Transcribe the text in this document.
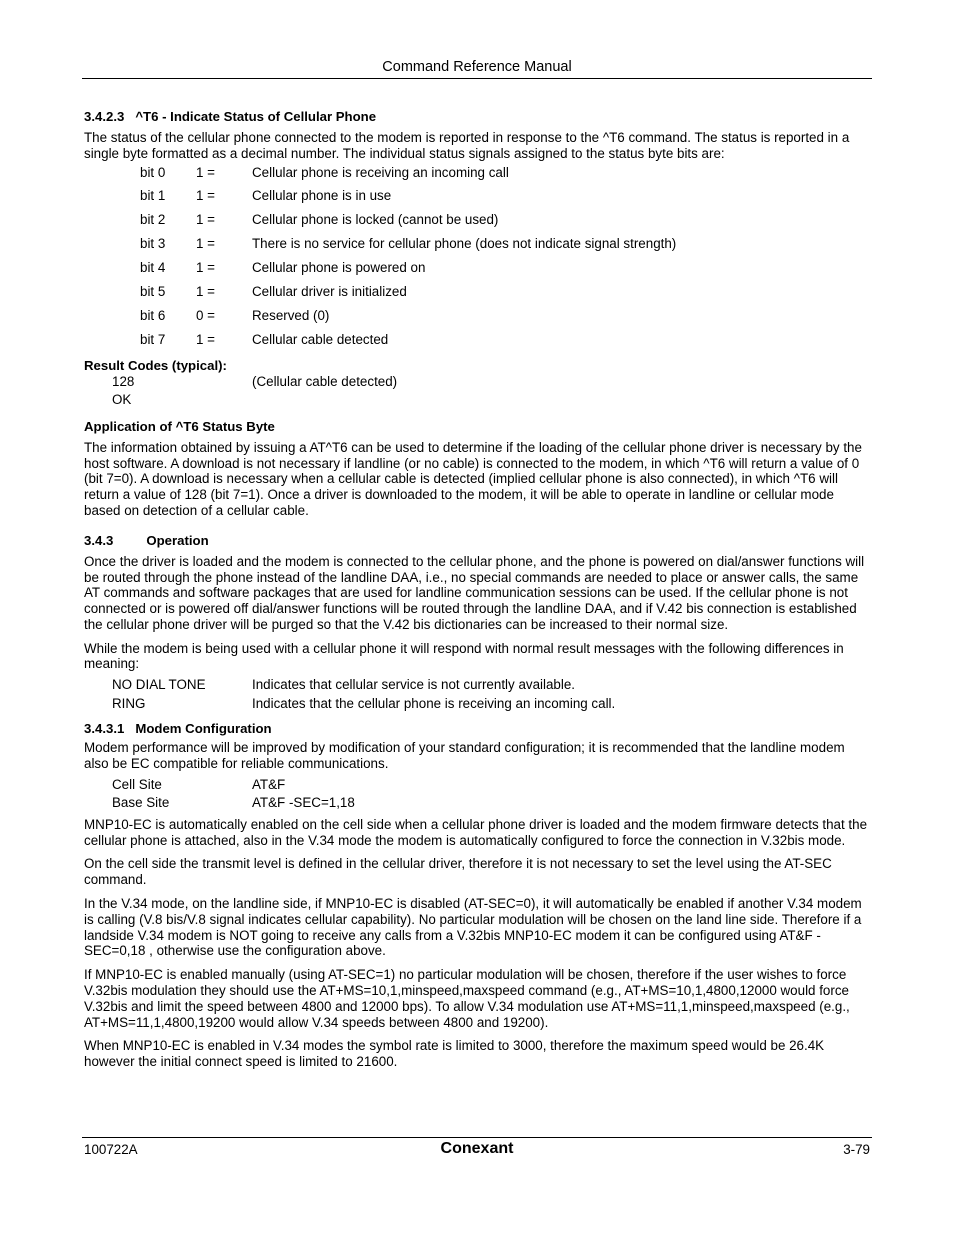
Command Reference Manual

3.4.2.3 ^T6 - Indicate Status of Cellular Phone

The status of the cellular phone connected to the modem is reported in response to the ^T6 command. The status is reported in a single byte formatted as a decimal number. The individual status signals assigned to the status byte bits are:

bit 0 1 =	Cellular phone is receiving an incoming call
bit 1 1 =	Cellular phone is in use
bit 2 1 =	Cellular phone is locked (cannot be used)
bit 3 1 =	There is no service for cellular phone (does not indicate signal strength)
bit 4 1 =	Cellular phone is powered on
bit 5 1 =	Cellular driver is initialized
bit 6 0 =	Reserved (0)
bit 7 1 =	Cellular cable detected

Result Codes (typical):

128	(Cellular cable detected)
OK

Application of ^T6 Status Byte

The information obtained by issuing a AT^T6 can be used to determine if the loading of the cellular phone driver is necessary by the host software. A download is not necessary if landline (or no cable) is connected to the modem, in which ^T6 will return a value of 0 (bit 7=0). A download is necessary when a cellular cable is detected (implied cellular phone is also connected), in which ^T6 will return a value of 128 (bit 7=1). Once a driver is downloaded to the modem, it will be able to operate in landline or cellular mode based on detection of a cellular cable.

3.4.3	Operation

Once the driver is loaded and the modem is connected to the cellular phone, and the phone is powered on dial/answer functions will be routed through the phone instead of the landline DAA, i.e., no special commands are needed to place or answer calls, the same AT commands and software packages that are used for landline communication sessions can be used. If the cellular phone is not connected or is powered off dial/answer functions will be routed through the landline DAA, and if V.42 bis connection is established the cellular phone driver will be purged so that the V.42 bis dictionaries can be increased to their normal size.

While the modem is being used with a cellular phone it will respond with normal result messages with the following differences in meaning:

NO DIAL TONE	Indicates that cellular service is not currently available.
RING	Indicates that the cellular phone is receiving an incoming call.

3.4.3.1 Modem Configuration

Modem performance will be improved by modification of your standard configuration; it is recommended that the landline modem also be EC compatible for reliable communications.

Cell Site	AT&F
Base Site	AT&F -SEC=1,18

MNP10-EC is automatically enabled on the cell side when a cellular phone driver is loaded and the modem firmware detects that the cellular phone is attached, also in the V.34 mode the modem is automatically configured to force the connection in V.32bis mode.

On the cell side the transmit level is defined in the cellular driver, therefore it is not necessary to set the level using the AT-SEC command.

In the V.34 mode, on the landline side, if MNP10-EC is disabled (AT-SEC=0), it will automatically be enabled if another V.34 modem is calling (V.8 bis/V.8 signal indicates cellular capability). No particular modulation will be chosen on the land line side. Therefore if a landside V.34 modem is NOT going to receive any calls from a V.32bis MNP10-EC modem it can be configured using AT&F -SEC=0,18 , otherwise use the configuration above.

If MNP10-EC is enabled manually (using AT-SEC=1) no particular modulation will be chosen, therefore if the user wishes to force V.32bis modulation they should use the AT+MS=10,1,minspeed,maxspeed command (e.g., AT+MS=10,1,4800,12000 would force V.32bis and limit the speed between 4800 and 12000 bps). To allow V.34 modulation use AT+MS=11,1,minspeed,maxspeed (e.g., AT+MS=11,1,4800,19200 would allow V.34 speeds between 4800 and 19200).

When MNP10-EC is enabled in V.34 modes the symbol rate is limited to 3000, therefore the maximum speed would be 26.4K however the initial connect speed is limited to 21600.

100722A	Conexant	3-79
